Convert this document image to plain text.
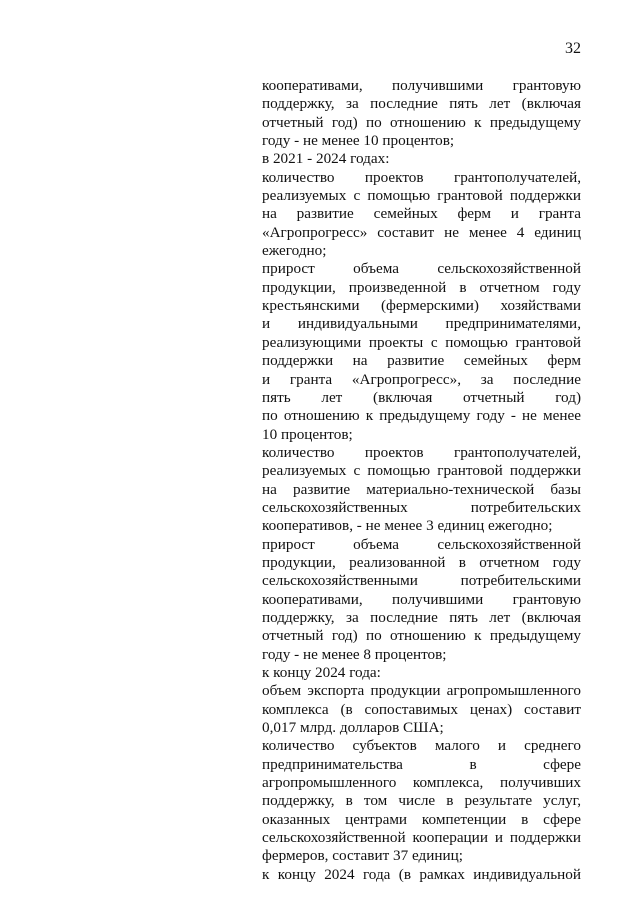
32
кооперативами, получившими грантовую
поддержку, за последние пять лет (включая
отчетный год) по отношению к предыдущему
году - не менее 10 процентов;
в 2021 - 2024 годах:
количество проектов грантополучателей,
реализуемых с помощью грантовой поддержки
на развитие семейных ферм и гранта
«Агропрогресс» составит не менее 4 единиц
ежегодно;
прирост объема сельскохозяйственной
продукции, произведенной в отчетном году
крестьянскими (фермерскими) хозяйствами
и индивидуальными предпринимателями,
реализующими проекты с помощью грантовой
поддержки на развитие семейных ферм
и гранта «Агропрогресс», за последние
пять лет (включая отчетный год)
по отношению к предыдущему году - не менее
10 процентов;
количество проектов грантополучателей,
реализуемых с помощью грантовой поддержки
на развитие материально-технической базы
сельскохозяйственных потребительских
кооперативов, - не менее 3 единиц ежегодно;
прирост объема сельскохозяйственной
продукции, реализованной в отчетном году
сельскохозяйственными потребительскими
кооперативами, получившими грантовую
поддержку, за последние пять лет (включая
отчетный год) по отношению к предыдущему
году - не менее 8 процентов;
к концу 2024 года:
объем экспорта продукции агропромышленного
комплекса (в сопоставимых ценах) составит
0,017 млрд. долларов США;
количество субъектов малого и среднего
предпринимательства в сфере
агропромышленного комплекса, получивших
поддержку, в том числе в результате услуг,
оказанных центрами компетенции в сфере
сельскохозяйственной кооперации и поддержки
фермеров, составит 37 единиц;
к концу 2024 года (в рамках индивидуальной
